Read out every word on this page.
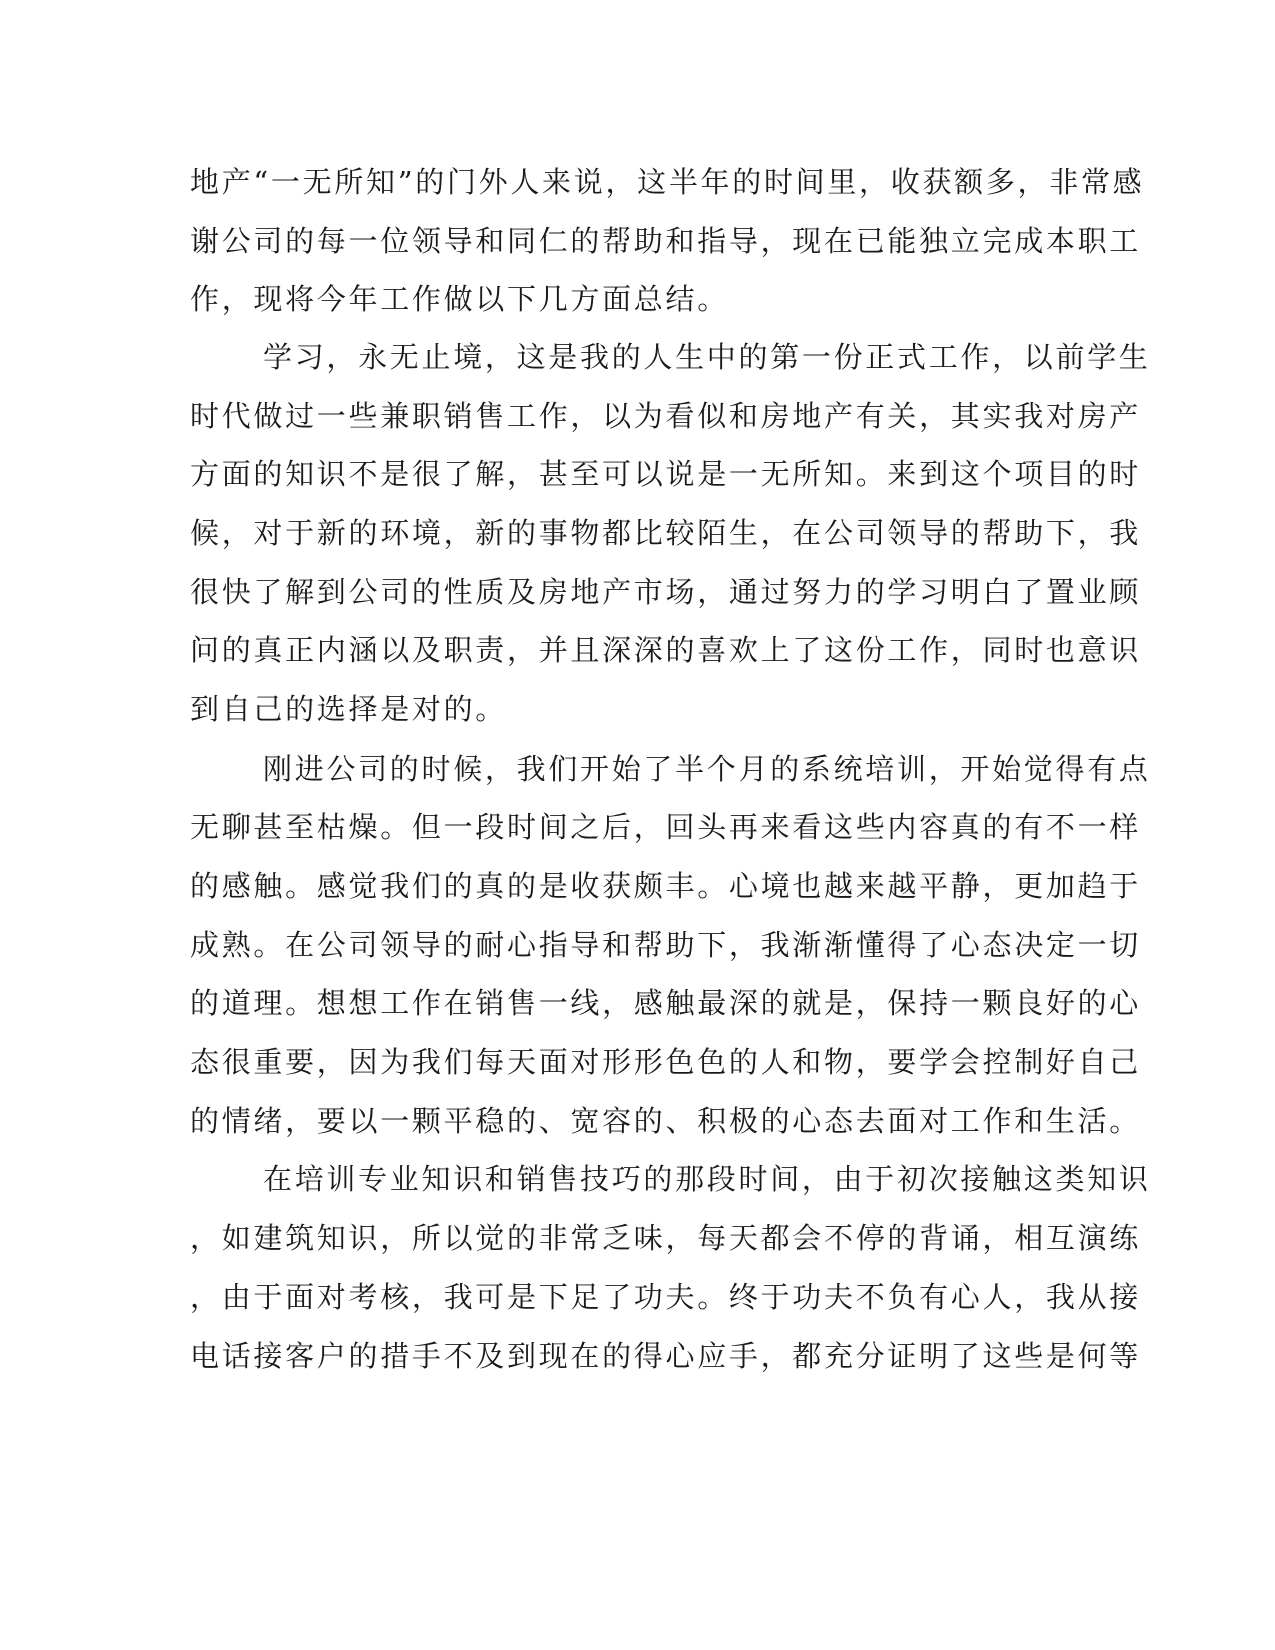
地产“一无所知”的门外人来说，这半年的时间里，收获额多，非常感
谢公司的每一位领导和同仁的帮助和指导，现在已能独立完成本职工
作，现将今年工作做以下几方面总结。
学习，永无止境，这是我的人生中的第一份正式工作，以前学生
时代做过一些兼职销售工作，以为看似和房地产有关，其实我对房产
方面的知识不是很了解，甚至可以说是一无所知。来到这个项目的时
候，对于新的环境，新的事物都比较陌生，在公司领导的帮助下，我
很快了解到公司的性质及房地产市场，通过努力的学习明白了置业顾
问的真正内涵以及职责，并且深深的喜欢上了这份工作，同时也意识
到自己的选择是对的。
刚进公司的时候，我们开始了半个月的系统培训，开始觉得有点
无聊甚至枯燥。但一段时间之后，回头再来看这些内容真的有不一样
的感触。感觉我们的真的是收获颇丰。心境也越来越平静，更加趋于
成熟。在公司领导的耐心指导和帮助下，我渐渐懂得了心态决定一切
的道理。想想工作在销售一线，感触最深的就是，保持一颗良好的心
态很重要，因为我们每天面对形形色色的人和物，要学会控制好自己
的情绪，要以一颗平稳的、宽容的、积极的心态去面对工作和生活。
在培训专业知识和销售技巧的那段时间，由于初次接触这类知识
，如建筑知识，所以觉的非常乏味，每天都会不停的背诵，相互演练
，由于面对考核，我可是下足了功夫。终于功夫不负有心人，我从接
电话接客户的措手不及到现在的得心应手，都充分证明了这些是何等
